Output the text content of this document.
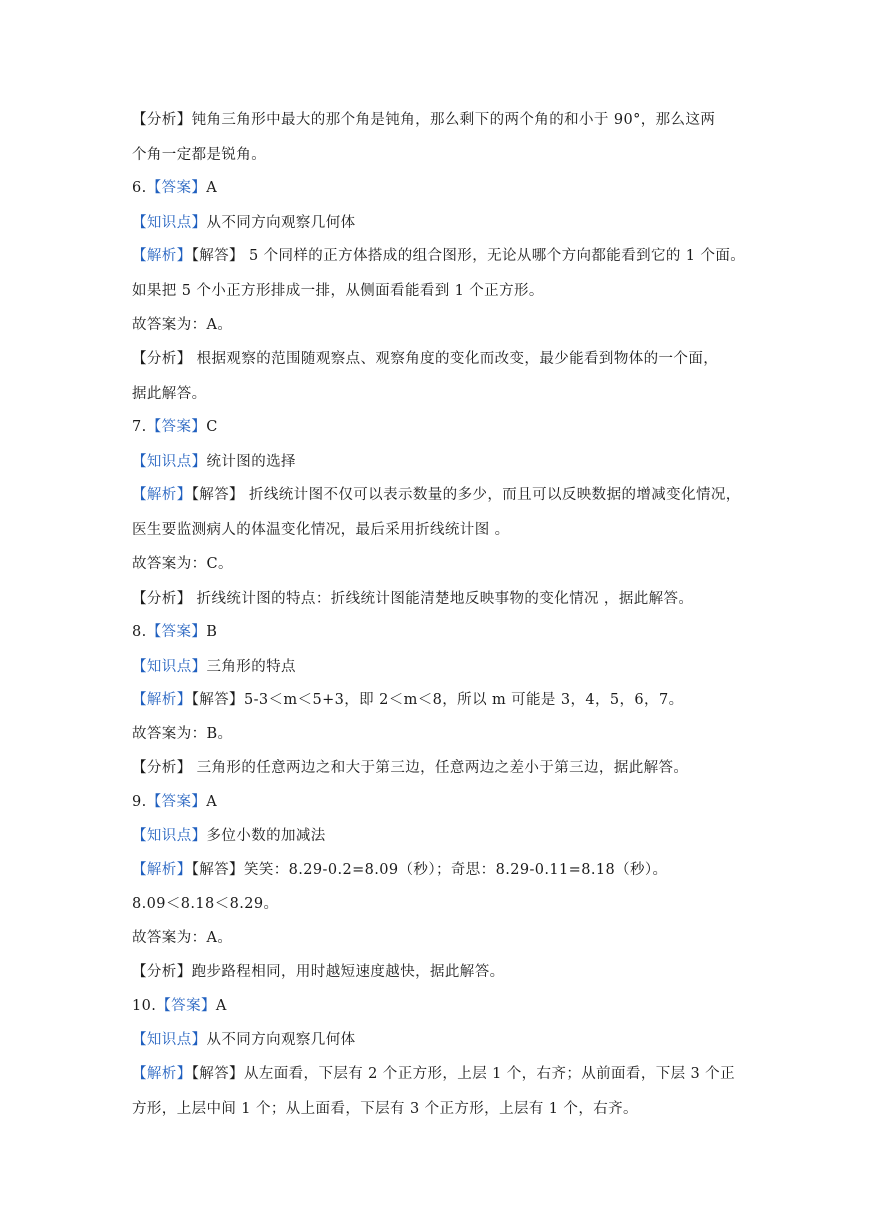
【分析】钝角三角形中最大的那个角是钝角，那么剩下的两个角的和小于 90°，那么这两
个角一定都是锐角。
6.【答案】A
【知识点】从不同方向观察几何体
【解析】【解答】 5 个同样的正方体搭成的组合图形，无论从哪个方向都能看到它的 1 个面。
如果把 5 个小正方形排成一排，从侧面看能看到 1 个正方形。
故答案为：A。
【分析】 根据观察的范围随观察点、观察角度的变化而改变，最少能看到物体的一个面，
据此解答。
7.【答案】C
【知识点】统计图的选择
【解析】【解答】 折线统计图不仅可以表示数量的多少，而且可以反映数据的增减变化情况，
医生要监测病人的体温变化情况，最后采用折线统计图 。
故答案为：C。
【分析】 折线统计图的特点：折线统计图能清楚地反映事物的变化情况 ，据此解答。
8.【答案】B
【知识点】三角形的特点
【解析】【解答】5-3＜m＜5+3，即 2＜m＜8，所以 m 可能是 3，4，5，6，7。
故答案为：B。
【分析】 三角形的任意两边之和大于第三边，任意两边之差小于第三边，据此解答。
9.【答案】A
【知识点】多位小数的加减法
【解析】【解答】笑笑：8.29-0.2=8.09（秒）；奇思：8.29-0.11=8.18（秒）。
8.09＜8.18＜8.29。
故答案为：A。
【分析】跑步路程相同，用时越短速度越快，据此解答。
10.【答案】A
【知识点】从不同方向观察几何体
【解析】【解答】从左面看，下层有 2 个正方形，上层 1 个，右齐；从前面看，下层 3 个正
方形，上层中间 1 个；从上面看，下层有 3 个正方形，上层有 1 个，右齐。
